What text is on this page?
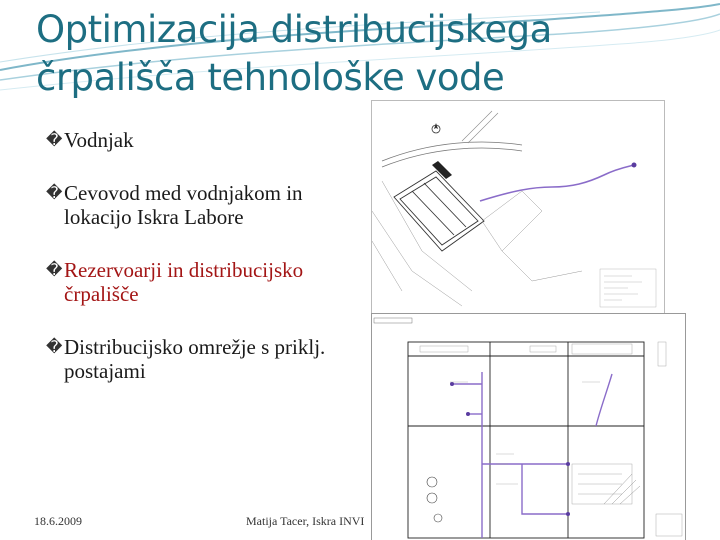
Optimizacija distribucijskega
črpališča tehnološke vode
� Vodnjak
� Cevovod med vodnjakom in lokacijo Iskra Labore
� Rezervoarji in distribucijsko črpališče
� Distribucijsko omrežje s priklj. postajami
18.6.2009	Matija Tacer, Iskra INVI
